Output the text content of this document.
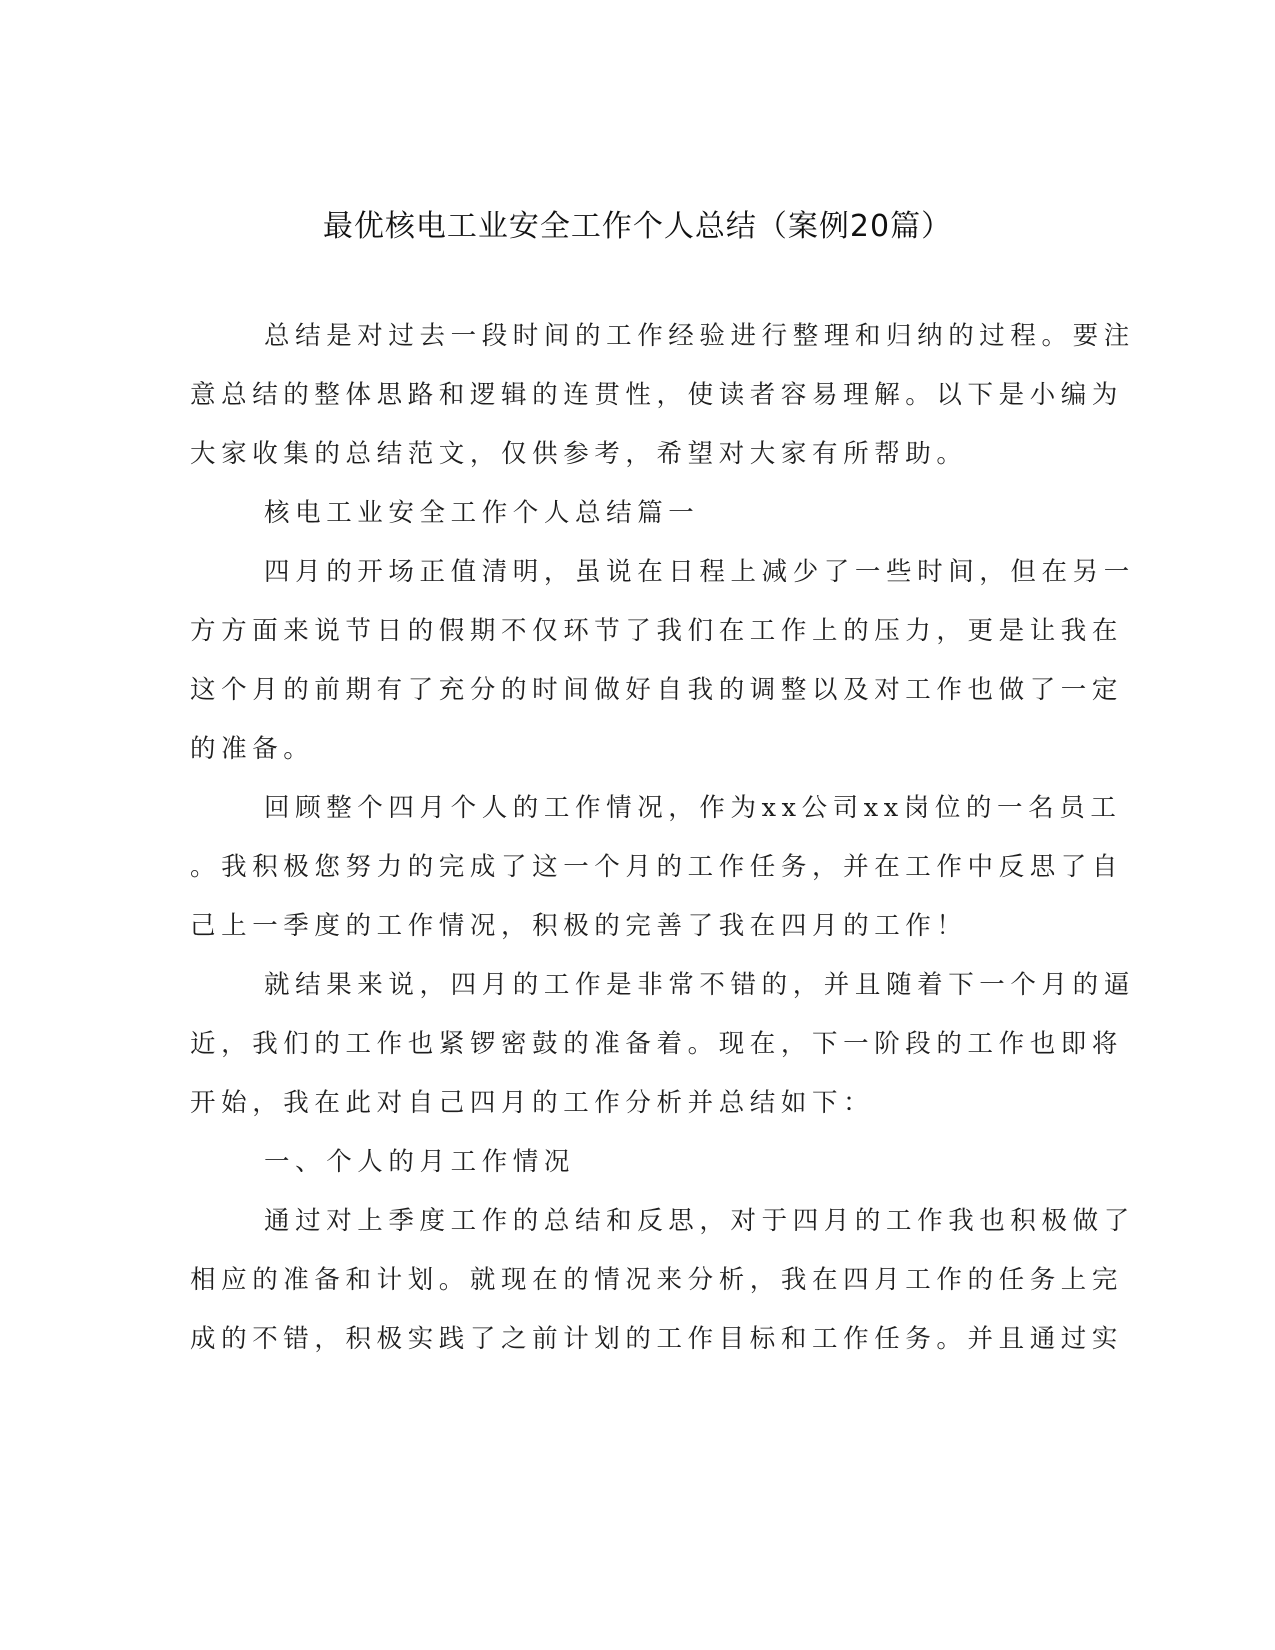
最优核电工业安全工作个人总结（案例20篇）
总结是对过去一段时间的工作经验进行整理和归纳的过程。要注
意总结的整体思路和逻辑的连贯性，使读者容易理解。以下是小编为
大家收集的总结范文，仅供参考，希望对大家有所帮助。
核电工业安全工作个人总结篇一
四月的开场正值清明，虽说在日程上减少了一些时间，但在另一
方方面来说节日的假期不仅环节了我们在工作上的压力，更是让我在
这个月的前期有了充分的时间做好自我的调整以及对工作也做了一定
的准备。
回顾整个四月个人的工作情况，作为xx公司xx岗位的一名员工
。我积极您努力的完成了这一个月的工作任务，并在工作中反思了自
己上一季度的工作情况，积极的完善了我在四月的工作！
就结果来说，四月的工作是非常不错的，并且随着下一个月的逼
近，我们的工作也紧锣密鼓的准备着。现在，下一阶段的工作也即将
开始，我在此对自己四月的工作分析并总结如下：
一、个人的月工作情况
通过对上季度工作的总结和反思，对于四月的工作我也积极做了
相应的准备和计划。就现在的情况来分析，我在四月工作的任务上完
成的不错，积极实践了之前计划的工作目标和工作任务。并且通过实
